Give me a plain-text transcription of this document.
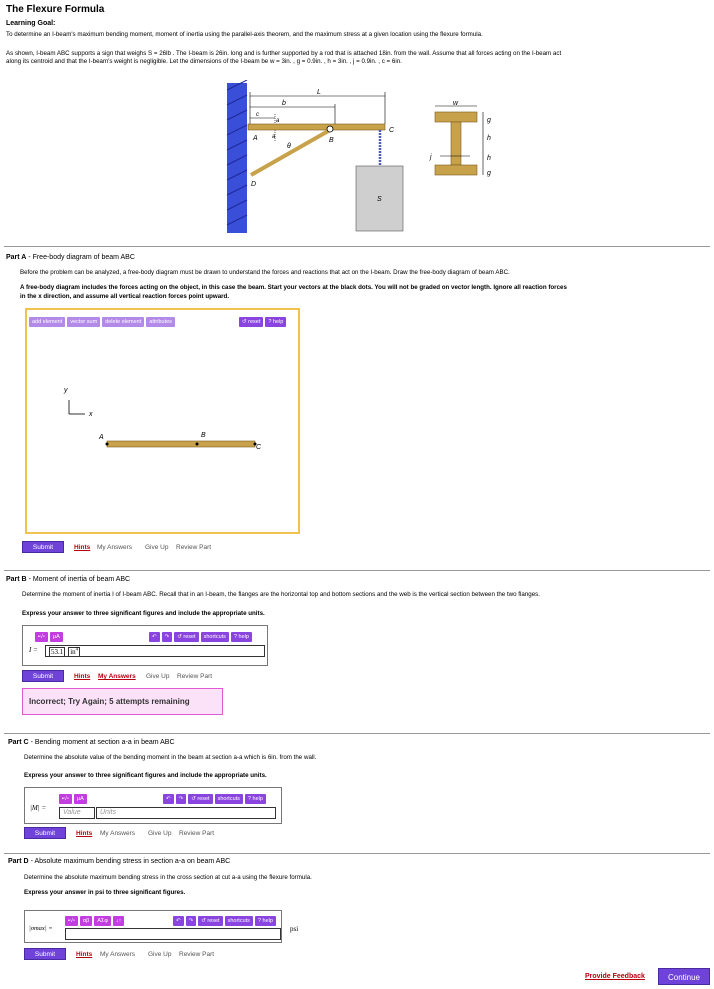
The Flexure Formula
Learning Goal:
To determine an I-beam's maximum bending moment, moment of inertia using the parallel-axis theorem, and the maximum stress at a given location using the flexure formula.
As shown, I-beam ABC supports a sign that weighs S = 26lb . The I-beam is 26in. long and is further supported by a rod that is attached 18in. from the wall. Assume that all forces acting on the I-beam act
along its centroid and that the I-beam's weight is negligible. Let the dimensions of the I-beam be w = 3in. , g = 0.9in. , h = 3in. , j = 0.9in. , c = 6in.
L
b
c
a
A a
θ
B
C
D
S
w
g
h
h
g
j
Part A - Free-body diagram of beam ABC
Before the problem can be analyzed, a free-body diagram must be drawn to understand the forces and reactions that act on the I-beam. Draw the free-body diagram of beam ABC.
A free-body diagram includes the forces acting on the object, in this case the beam. Start your vectors at the black dots. You will not be graded on vector length. Ignore all reaction forces
in the x direction, and assume all vertical reaction forces point upward.
add element	vector sum	delete element	attributes	↺ reset	? help
y
x
A	B
C
Submit	Hints My Answers Give Up Review Part
Part B - Moment of inertia of beam ABC
Determine the moment of inertia I of I-beam ABC. Recall that in an I-beam, the flanges are the horizontal top and bottom sections and the web is the vertical section between the two flanges.
Express your answer to three significant figures and include the appropriate units.
▪√▫	μA	↶	↷	↺ reset	shortcuts	? help
I =	53.1 $in^4$
Submit	Hints My Answers Give Up Review Part
Incorrect; Try Again; 5 attempts remaining
Part C - Bending moment at section a-a in beam ABC
Determine the absolute value of the bending moment in the beam at section a-a which is 6in. from the wall.
Express your answer to three significant figures and include the appropriate units.
▪√▫	μA	↶	↷	↺ reset	shortcuts	? help
|M| =
Value	Units
Submit	Hints My Answers Give Up Review Part
Part D - Absolute maximum bending stress in section a-a on beam ABC
Determine the absolute maximum bending stress in the cross section at cut a-a using the flexure formula.
Express your answer in psi to three significant figures.
▪√▫	αβ	ΑΣφ	↓↑	↶	↷	↺ reset	shortcuts	? help
|σmax| =	psi
Submit	Hints My Answers Give Up Review Part
Provide Feedback	Continue
